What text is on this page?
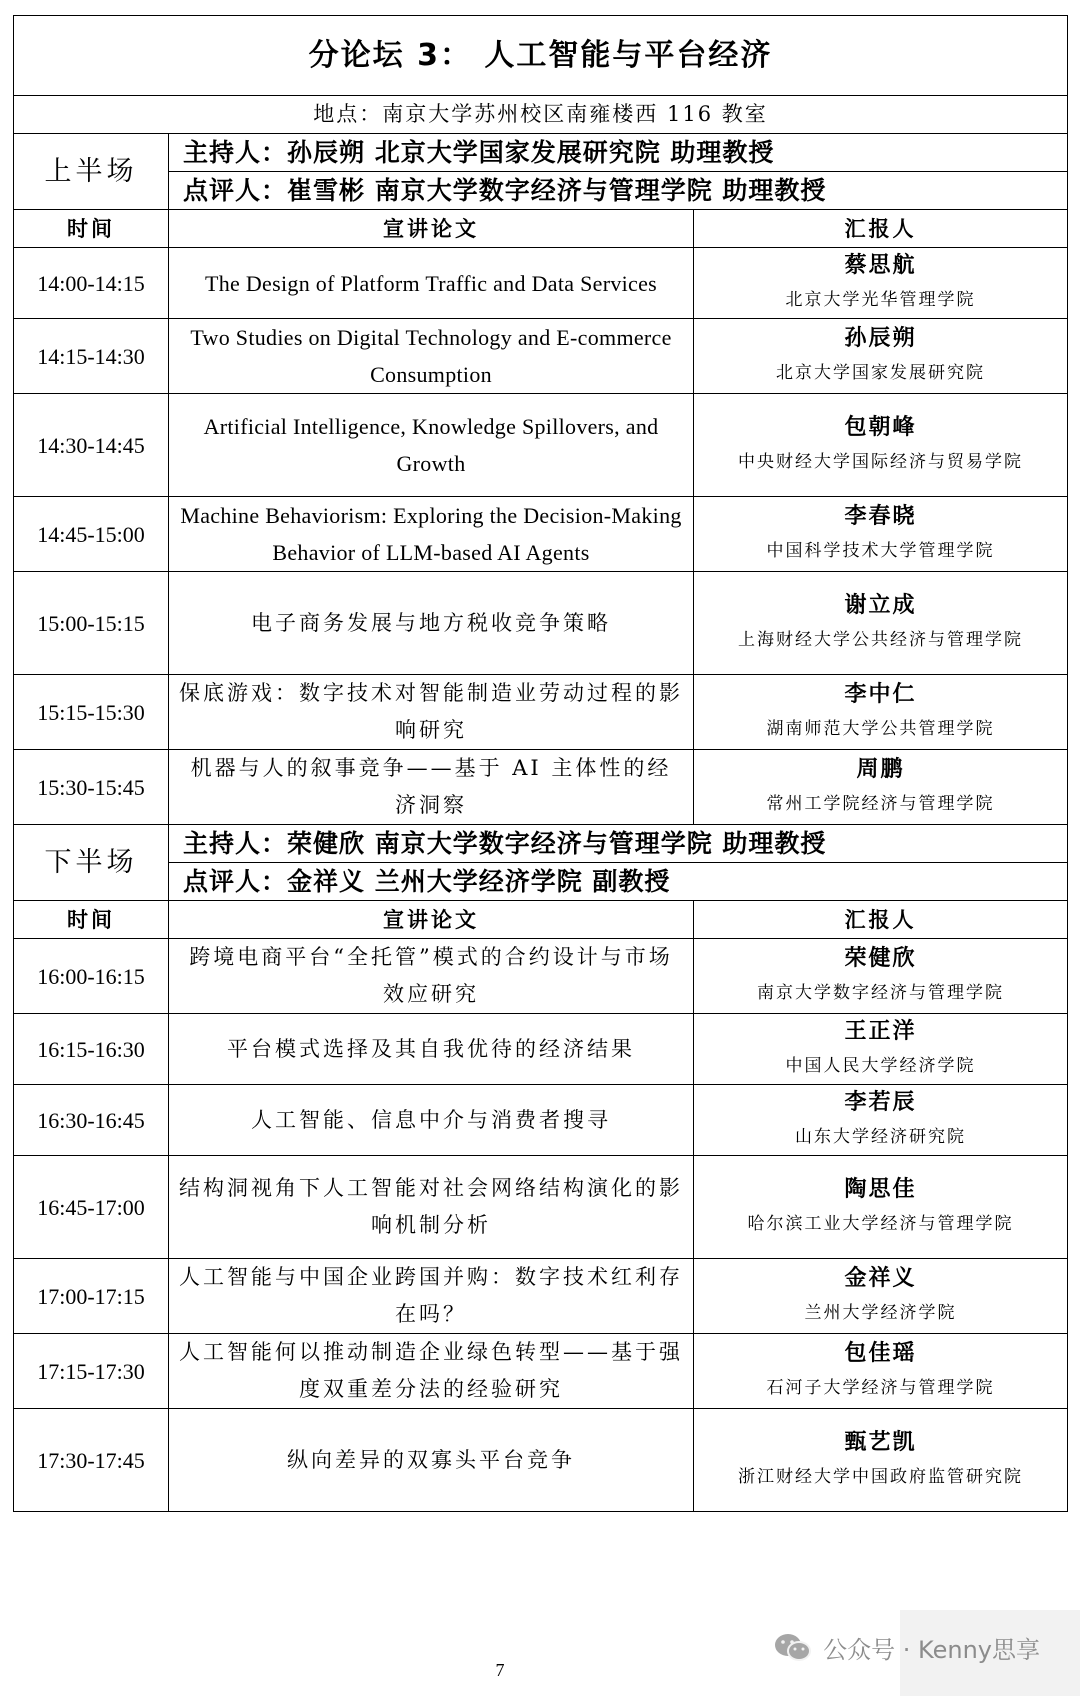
分论坛 3： 人工智能与平台经济		
地点：南京大学苏州校区南雍楼西 116 教室		
上半场	主持人：孙辰朔 北京大学国家发展研究院 助理教授	
	点评人：崔雪彬 南京大学数字经济与管理学院 助理教授	
时间	宣讲论文	汇报人
14:00-14:15	The Design of Platform Traffic and Data Services	蔡思航
北京大学光华管理学院

14:15-14:30	Two Studies on Digital Technology and E-commerce Consumption	孙辰朔
北京大学国家发展研究院

14:30-14:45	Artificial Intelligence, Knowledge Spillovers, and Growth	包朝峰
中央财经大学国际经济与贸易学院

14:45-15:00	Machine Behaviorism: Exploring the Decision-Making Behavior of LLM-based AI Agents	李春晓
中国科学技术大学管理学院

15:00-15:15	电子商务发展与地方税收竞争策略	谢立成
上海财经大学公共经济与管理学院

15:15-15:30	保底游戏：数字技术对智能制造业劳动过程的影响研究	李中仁
湖南师范大学公共管理学院

15:30-15:45	机器与人的叙事竞争——基于 AI 主体性的经济洞察	周鹏
常州工学院经济与管理学院

下半场	主持人：荣健欣 南京大学数字经济与管理学院 助理教授	
	点评人：金祥义 兰州大学经济学院 副教授	
时间	宣讲论文	汇报人
16:00-16:15	跨境电商平台“全托管”模式的合约设计与市场效应研究	荣健欣
南京大学数字经济与管理学院

16:15-16:30	平台模式选择及其自我优待的经济结果	王正洋
中国人民大学经济学院

16:30-16:45	人工智能、信息中介与消费者搜寻	李若辰
山东大学经济研究院

16:45-17:00	结构洞视角下人工智能对社会网络结构演化的影响机制分析	陶思佳
哈尔滨工业大学经济与管理学院

17:00-17:15	人工智能与中国企业跨国并购：数字技术红利存在吗？	金祥义
兰州大学经济学院

17:15-17:30	人工智能何以推动制造企业绿色转型——基于强度双重差分法的经验研究	包佳瑶
石河子大学经济与管理学院

17:30-17:45	纵向差异的双寡头平台竞争	甄艺凯
浙江财经大学中国政府监管研究院
公众号 · Kenny思享
7
